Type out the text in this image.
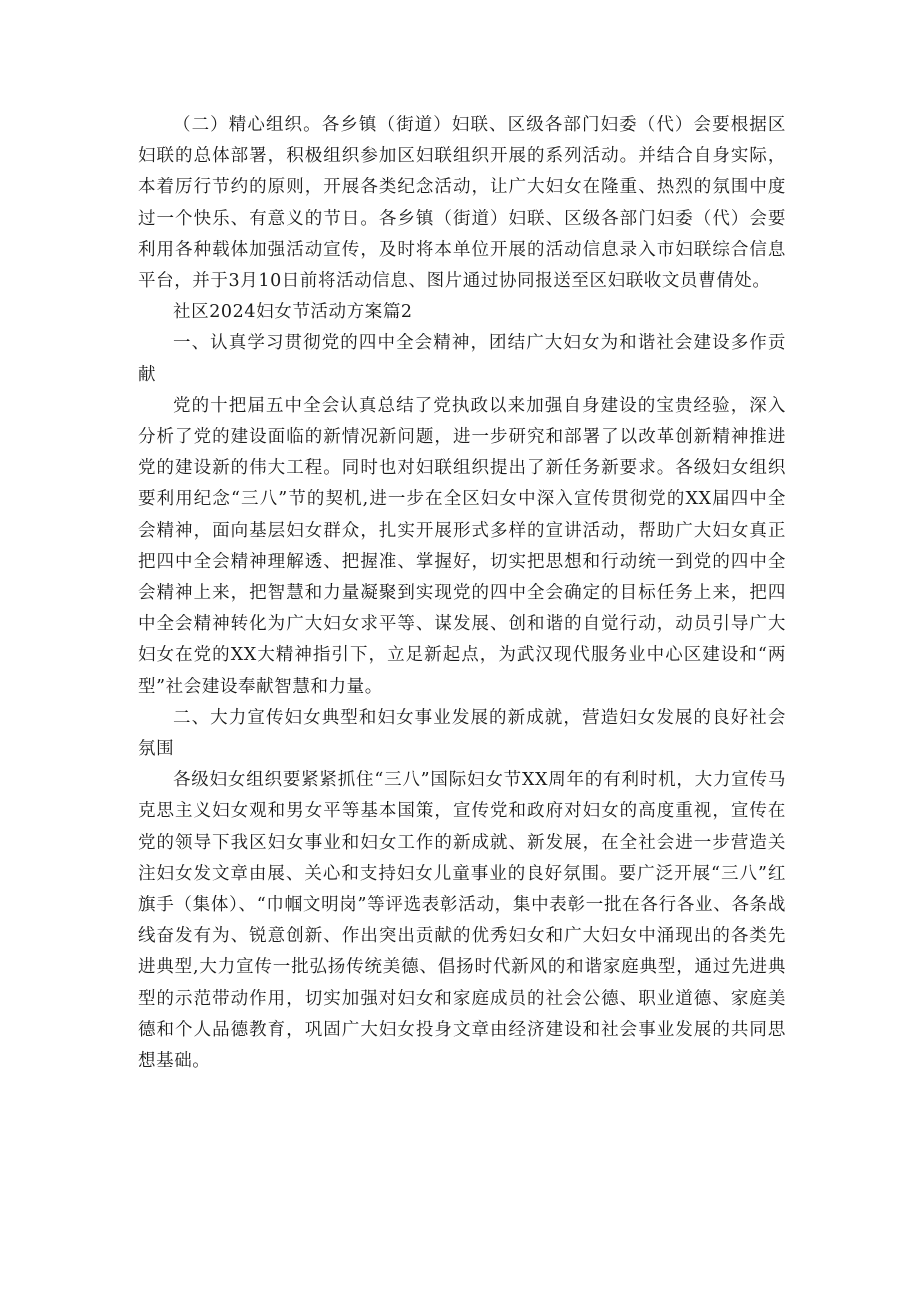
（二）精心组织。各乡镇（街道）妇联、区级各部门妇委（代）会要根据区妇联的总体部署，积极组织参加区妇联组织开展的系列活动。并结合自身实际，本着厉行节约的原则，开展各类纪念活动，让广大妇女在隆重、热烈的氛围中度过一个快乐、有意义的节日。各乡镇（街道）妇联、区级各部门妇委（代）会要利用各种载体加强活动宣传，及时将本单位开展的活动信息录入市妇联综合信息平台，并于3月10日前将活动信息、图片通过协同报送至区妇联收文员曹倩处。

社区2024妇女节活动方案篇2

一、认真学习贯彻党的四中全会精神，团结广大妇女为和谐社会建设多作贡献

党的十把届五中全会认真总结了党执政以来加强自身建设的宝贵经验，深入分析了党的建设面临的新情况新问题，进一步研究和部署了以改革创新精神推进党的建设新的伟大工程。同时也对妇联组织提出了新任务新要求。各级妇女组织要利用纪念“三八”节的契机,进一步在全区妇女中深入宣传贯彻党的XX届四中全会精神，面向基层妇女群众，扎实开展形式多样的宣讲活动，帮助广大妇女真正把四中全会精神理解透、把握准、掌握好，切实把思想和行动统一到党的四中全会精神上来，把智慧和力量凝聚到实现党的四中全会确定的目标任务上来，把四中全会精神转化为广大妇女求平等、谋发展、创和谐的自觉行动，动员引导广大妇女在党的XX大精神指引下，立足新起点，为武汉现代服务业中心区建设和“两型”社会建设奉献智慧和力量。

二、大力宣传妇女典型和妇女事业发展的新成就，营造妇女发展的良好社会氛围

各级妇女组织要紧紧抓住“三八”国际妇女节XX周年的有利时机，大力宣传马克思主义妇女观和男女平等基本国策，宣传党和政府对妇女的高度重视，宣传在党的领导下我区妇女事业和妇女工作的新成就、新发展，在全社会进一步营造关注妇女发文章由展、关心和支持妇女儿童事业的良好氛围。要广泛开展“三八”红旗手（集体）、“巾帼文明岗”等评选表彰活动，集中表彰一批在各行各业、各条战线奋发有为、锐意创新、作出突出贡献的优秀妇女和广大妇女中涌现出的各类先进典型,大力宣传一批弘扬传统美德、倡扬时代新风的和谐家庭典型，通过先进典型的示范带动作用，切实加强对妇女和家庭成员的社会公德、职业道德、家庭美德和个人品德教育，巩固广大妇女投身文章由经济建设和社会事业发展的共同思想基础。
